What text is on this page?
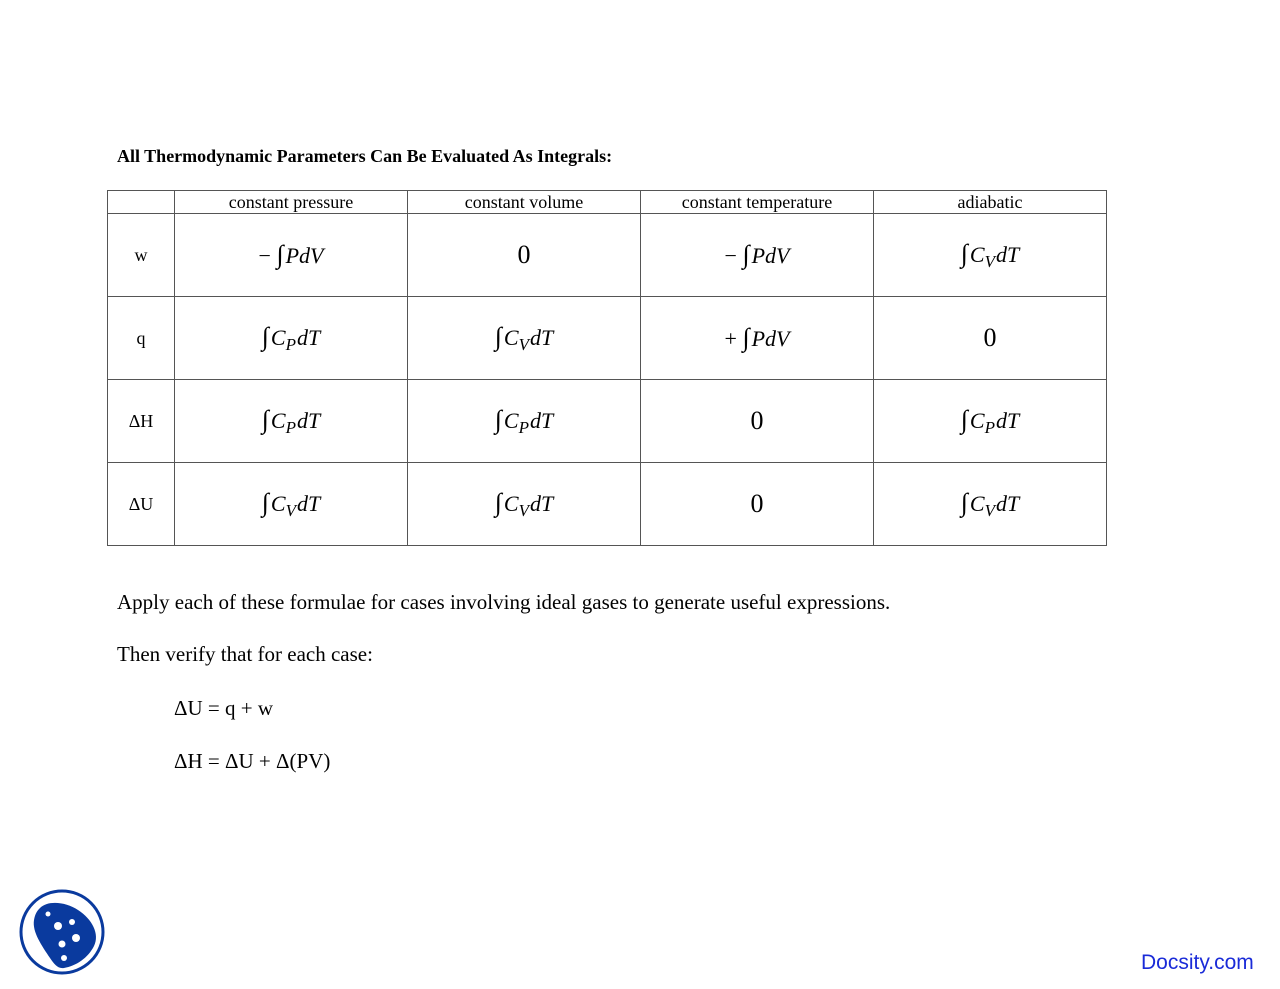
All Thermodynamic Parameters Can Be Evaluated As Integrals:
	constant pressure	constant volume	constant temperature	adiabatic
w	− ∫PdV	0	− ∫PdV	$\int C_VdT$
q	$\int C_PdT$	$\int C_VdT$	+ ∫PdV	0
ΔH	$\int C_PdT$	$\int C_PdT$	0	$\int C_PdT$
ΔU	$\int C_VdT$	$\int C_VdT$	0	$\int C_VdT$
Apply each of these formulae for cases involving ideal gases to generate useful expressions.
Then verify that for each case:
ΔU = q + w
ΔH = ΔU + Δ(PV)
Docsity.com
